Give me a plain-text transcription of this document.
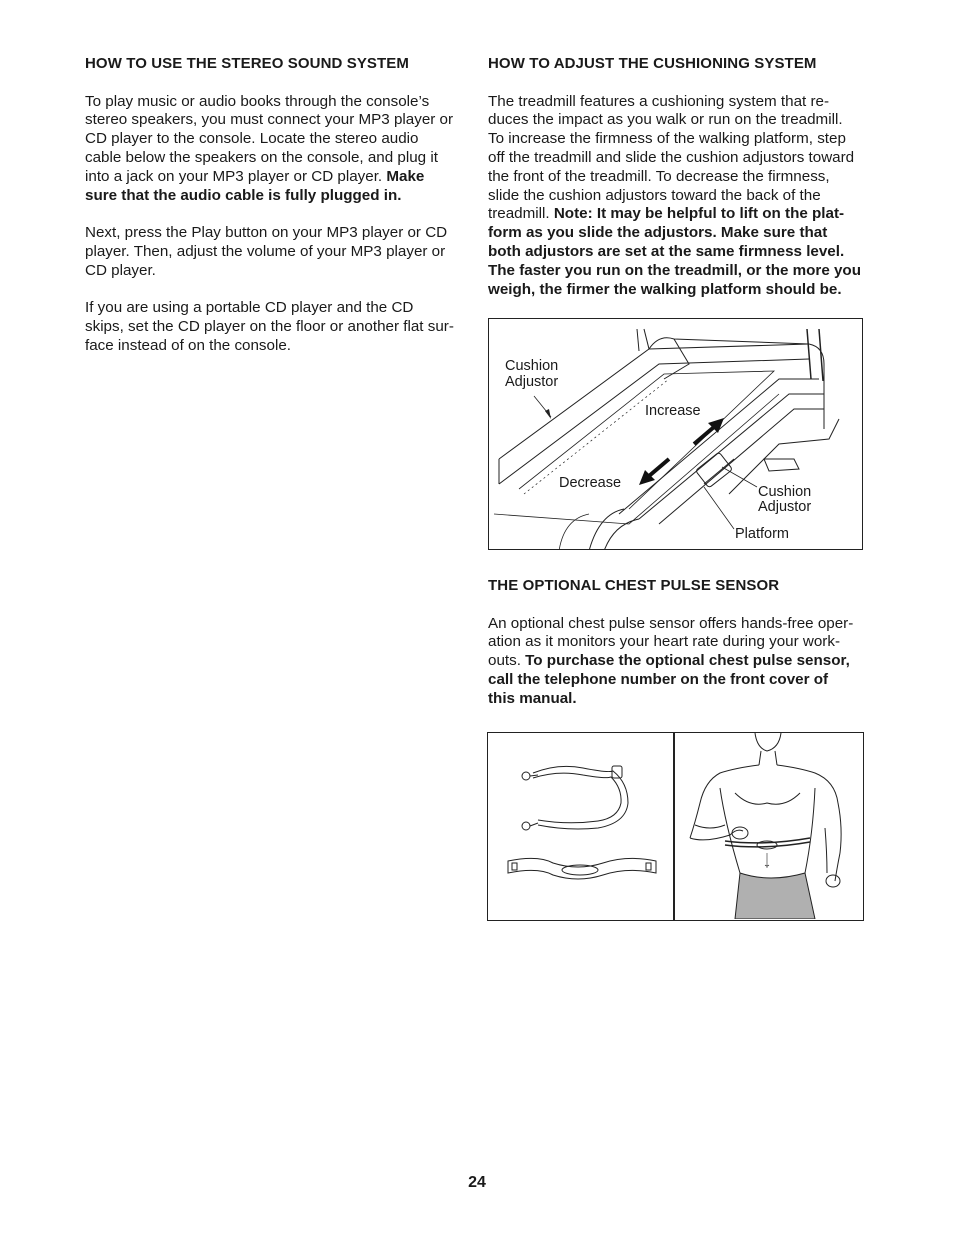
HOW TO USE THE STEREO SOUND SYSTEM

To play music or audio books through the console’s
stereo speakers, you must connect your MP3 player or
CD player to the console. Locate the stereo audio
cable below the speakers on the console, and plug it
into a jack on your MP3 player or CD player. Make
sure that the audio cable is fully plugged in.

Next, press the Play button on your MP3 player or CD
player. Then, adjust the volume of your MP3 player or
CD player.

If you are using a portable CD player and the CD
skips, set the CD player on the floor or another flat sur-
face instead of on the console.

HOW TO ADJUST THE CUSHIONING SYSTEM

The treadmill features a cushioning system that re-
duces the impact as you walk or run on the treadmill.
To increase the firmness of the walking platform, step
off the treadmill and slide the cushion adjustors toward
the front of the treadmill. To decrease the firmness,
slide the cushion adjustors toward the back of the
treadmill. Note: It may be helpful to lift on the plat-
form as you slide the adjustors. Make sure that
both adjustors are set at the same firmness level.
The faster you run on the treadmill, or the more you
weigh, the firmer the walking platform should be.

Cushion
Adjustor
Increase
Decrease
Cushion
Adjustor
Platform
THE OPTIONAL CHEST PULSE SENSOR

An optional chest pulse sensor offers hands-free oper-
ation as it monitors your heart rate during your work-
outs. To purchase the optional chest pulse sensor,
call the telephone number on the front cover of
this manual.

24
